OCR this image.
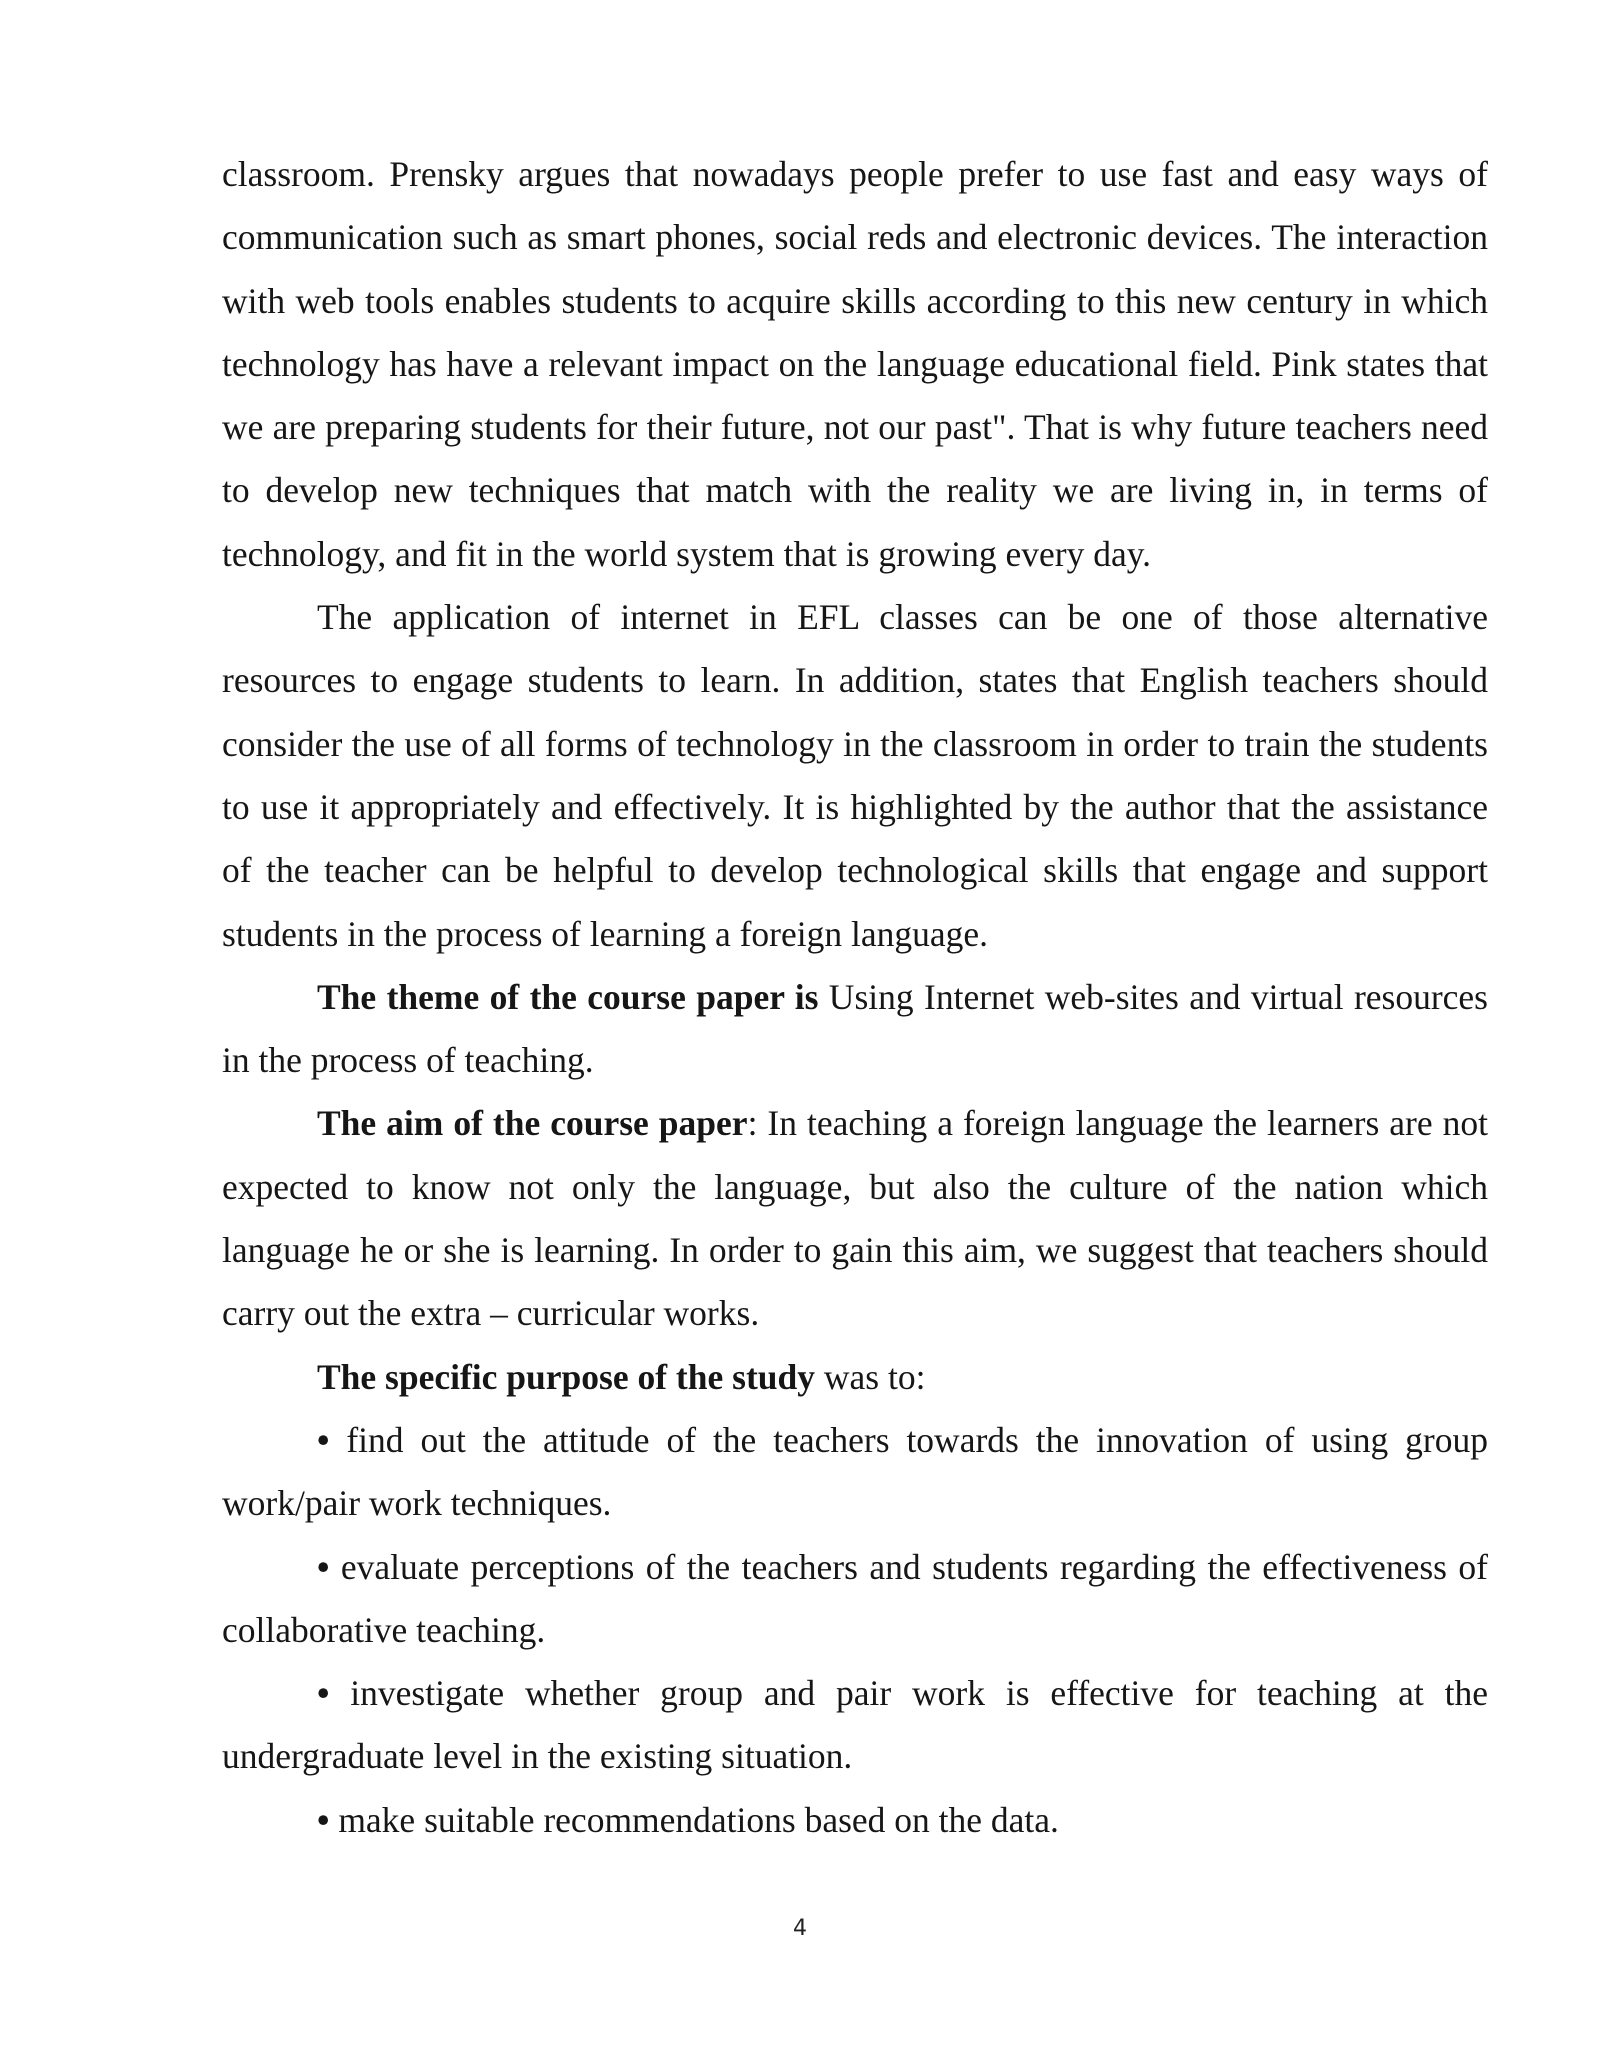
classroom. Prensky argues that nowadays people prefer to use fast and easy ways of communication such as smart phones, social reds and electronic devices. The interaction with web tools enables students to acquire skills according to this new century in which technology has have a relevant impact on the language educational field. Pink states that we are preparing students for their future, not our past". That is why future teachers need to develop new techniques that match with the reality we are living in, in terms of technology, and fit in the world system that is growing every day.

The application of internet in EFL classes can be one of those alternative resources to engage students to learn. In addition, states that English teachers should consider the use of all forms of technology in the classroom in order to train the students to use it appropriately and effectively. It is highlighted by the author that the assistance of the teacher can be helpful to develop technological skills that engage and support students in the process of learning a foreign language.

The theme of the course paper is Using Internet web-sites and virtual resources in the process of teaching.

The aim of the course paper: In teaching a foreign language the learners are not expected to know not only the language, but also the culture of the nation which language he or she is learning. In order to gain this aim, we suggest that teachers should carry out the extra – curricular works.

The specific purpose of the study was to:

• find out the attitude of the teachers towards the innovation of using group work/pair work techniques.

• evaluate perceptions of the teachers and students regarding the effectiveness of collaborative teaching.

• investigate whether group and pair work is effective for teaching at the undergraduate level in the existing situation.

• make suitable recommendations based on the data.

4
